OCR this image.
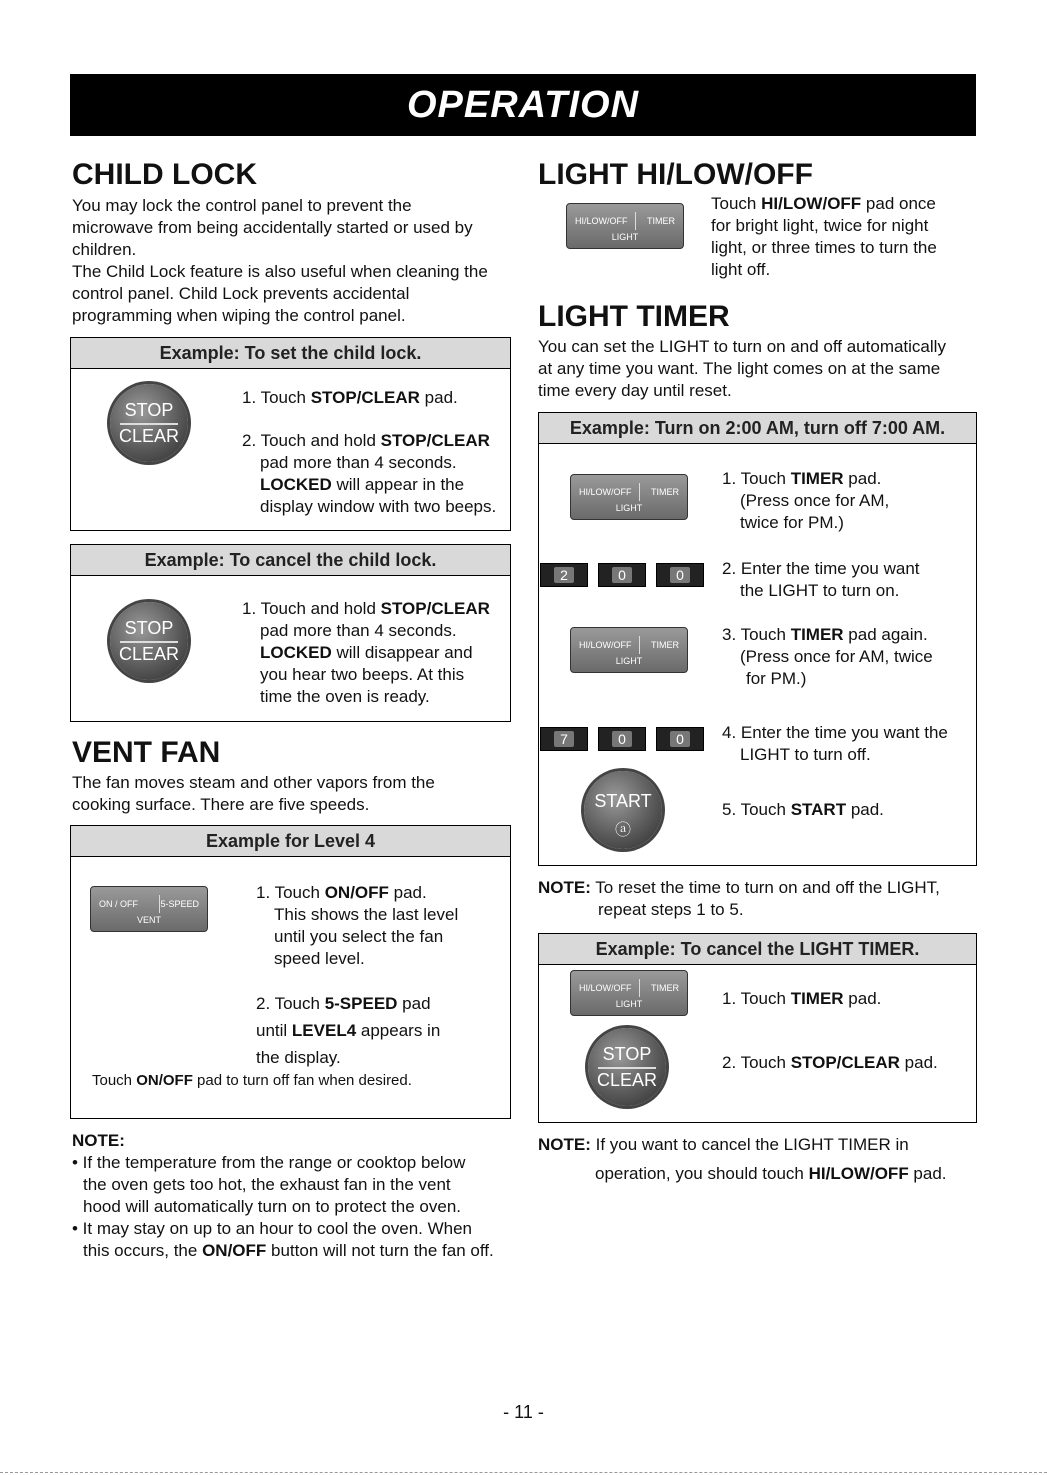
OPERATION
CHILD LOCK
You may lock the control panel to prevent the
microwave from being accidentally started or used by
children.
The Child Lock feature is also useful when cleaning the
control panel. Child Lock prevents accidental
programming when wiping the control panel.
Example: To set the child lock.
STOP
CLEAR
1. Touch STOP/CLEAR pad.
2. Touch and hold STOP/CLEAR
pad more than 4 seconds.
LOCKED will appear in the
display window with two beeps.
Example: To cancel the child lock.
STOP
CLEAR
1. Touch and hold STOP/CLEAR
pad more than 4 seconds.
LOCKED will disappear and
you hear two beeps. At this
time the oven is ready.
VENT FAN
The fan moves steam and other vapors from the
cooking surface. There are five speeds.
Example for Level 4
ON / OFF 5-SPEED
VENT
1. Touch ON/OFF pad.
This shows the last level
until you select the fan
speed level.
2. Touch 5-SPEED pad
until LEVEL4 appears in
the display.
Touch ON/OFF pad to turn off fan when desired.
NOTE:
• If the temperature from the range or cooktop below
the oven gets too hot, the exhaust fan in the vent
hood will automatically turn on to protect the oven.
• It may stay on up to an hour to cool the oven. When
this occurs, the ON/OFF button will not turn the fan off.
LIGHT HI/LOW/OFF
HI/LOW/OFF TIMER
LIGHT
Touch HI/LOW/OFF pad once
for bright light, twice for night
light, or three times to turn the
light off.
LIGHT TIMER
You can set the LIGHT to turn on and off automatically
at any time you want. The light comes on at the same
time every day until reset.
Example: Turn on 2:00 AM, turn off 7:00 AM.
HI/LOW/OFF TIMER
LIGHT
1. Touch TIMER pad.
(Press once for AM,
twice for PM.)
2	0	0	2. Enter the time you want
the LIGHT to turn on.
HI/LOW/OFF TIMER
LIGHT
3. Touch TIMER pad again.
(Press once for AM, twice
for PM.)
7	0	0	4. Enter the time you want the
LIGHT to turn off.
START
ⓐ
5. Touch START pad.
NOTE: To reset the time to turn on and off the LIGHT,
repeat steps 1 to 5.
Example: To cancel the LIGHT TIMER.
HI/LOW/OFF TIMER
LIGHT	1. Touch TIMER pad.
STOP
CLEAR
2. Touch STOP/CLEAR pad.
NOTE: If you want to cancel the LIGHT TIMER in
operation, you should touch HI/LOW/OFF pad.
- 11 -
